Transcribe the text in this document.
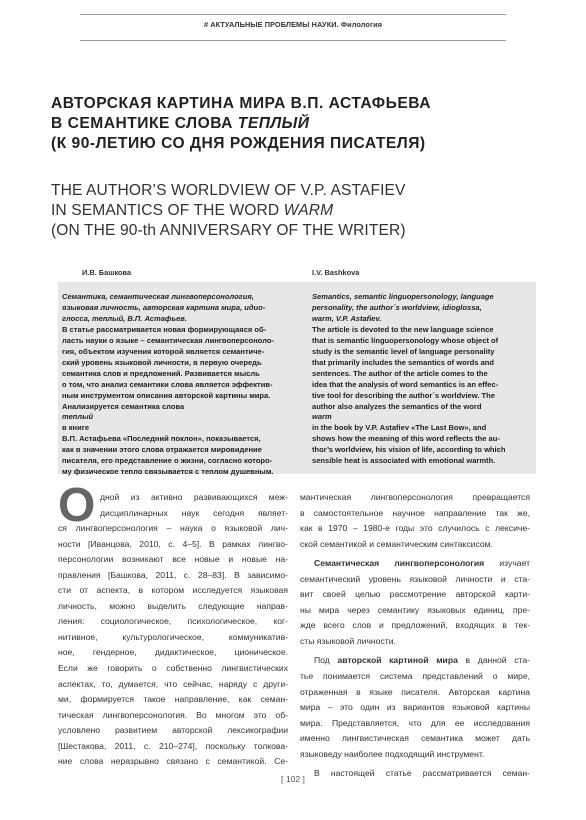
# АКТУАЛЬНЫЕ ПРОБЛЕМЫ НАУКИ. Филология
АВТОРСКАЯ КАРТИНА МИРА В.П. АСТАФЬЕВА
В СЕМАНТИКЕ СЛОВА ТЕПЛЫЙ
(К 90-ЛЕТИЮ СО ДНЯ РОЖДЕНИЯ ПИСАТЕЛЯ)
THE AUTHOR’S WORLDVIEW OF V.P. ASTAFIEV
IN SEMANTICS OF THE WORD WARM
(ON THE 90-th ANNIVERSARY OF THE WRITER)
И.В. Башкова	I.V. Bashkova
Семантика, семантическая лингвоперсонология,
языковая личность, авторская картина мира, идио-
глосса, теплый, В.П. Астафьев.
В статье рассматривается новая формирующаяся об-
ласть науки о языке – семантическая лингвоперсоноло-
гия, объектом изучения которой является семантиче-
ский уровень языковой личности, в первую очередь
семантика слов и предложений. Развивается мысль
о том, что анализ семантики слова является эффектив-
ным инструментом описания авторской картины мира.
Анализируется семантика слова
теплый
в книге
В.П. Астафьева «Последний поклон», показывается,
как в значении этого слова отражается мировидение
писателя, его представление о жизни, согласно которо-
му физическое тепло связывается с теплом душевным.
Semantics, semantic linguopersonology, language
personality, the author´s worldview, idioglossa,
warm, V.P. Astafiev.
The article is devoted to the new language science
that is semantic linguopersonology whose object of
study is the semantic level of language personality
that primarily includes the semantics of words and
sentences. The author of the article comes to the
idea that the analysis of word semantics is an effec-
tive tool for describing the author´s worldview. The
author also analyzes the semantics of the word
warm
in the book by V.P. Astafiev «The Last Bow», and
shows how the meaning of this word reflects the au-
thor’s worldview, his vision of life, according to which
sensible heat is associated with emotional warmth.
О дной из активно развивающихся меж-
дисциплинарных наук сегодня являет-
ся лингвоперсонология – наука о языковой лич-
ности [Иванцова, 2010, с. 4–5]. В рамках лингво-
персонологии возникают все новые и новые на-
правления [Башкова, 2011, с. 28–83]. В зависимо-
сти от аспекта, в котором исследуется языковая
личность, можно выделить следующие направ-
ления: социологическое, психологическое, ког-
нитивное, культурологическое, коммуникатив-
ное, гендерное, дидактическое, ционическое.
Если же говорить о собственно лингвистических
аспектах, то, думается, что сейчас, наряду с други-
ми, формируется такое направление, как семан-
тическая лингвоперсонология. Во многом это об-
условлено развитием авторской лексикографии
[Шестакова, 2011, с. 210–274], поскольку толкова-
ние слова неразрывно связано с семантикой. Се-
мантическая лингвоперсонология превращается
в самостоятельное научное направление так же,
как в 1970 – 1980-е годы это случилось с лексиче-
ской семантикой и семантическим синтаксисом.
Семантическая лингвоперсонология изучает
семантический уровень языковой личности и ста-
вит своей целью рассмотрение авторской карти-
ны мира через семантику языковых единиц, пре-
жде всего слов и предложений, входящих в тек-
сты языковой личности.
Под авторской картиной мира в данной ста-
тье понимается система представлений о мире,
отраженная в языке писателя. Авторская картина
мира – это один из вариантов языковой картины
мира. Представляется, что для ее исследования
именно лингвистическая семантика может дать
языковеду наиболее подходящий инструмент.
В настоящей статье рассматривается семан-
[ 102 ]
